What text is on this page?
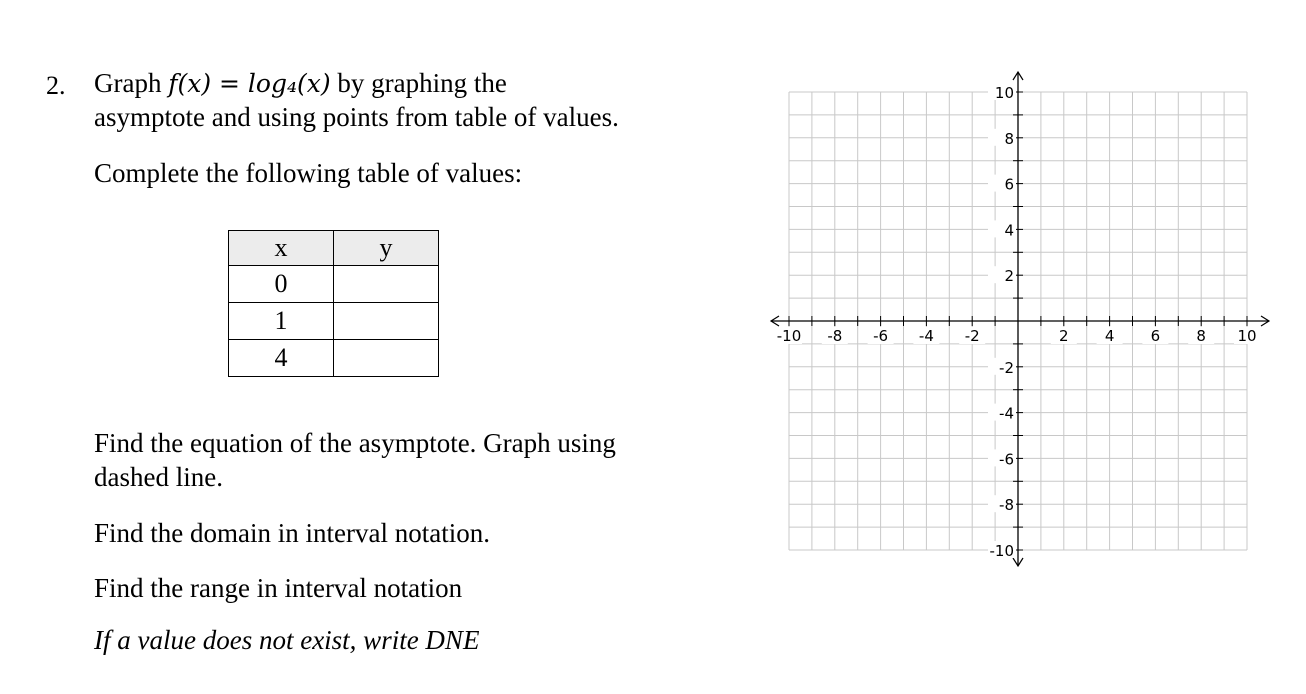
2. Graph f(x) = log₄(x) by graphing the
asymptote and using points from table of values.
Complete the following table of values:
x	y
0	
1	
4	
Find the equation of the asymptote. Graph using
dashed line.
Find the domain in interval notation.
Find the range in interval notation
If a value does not exist, write DNE
-10 -8 -6 -4 -2	2 4 6 8 10
10
8
6
4
2
-2
-4
-6
-8
-10
